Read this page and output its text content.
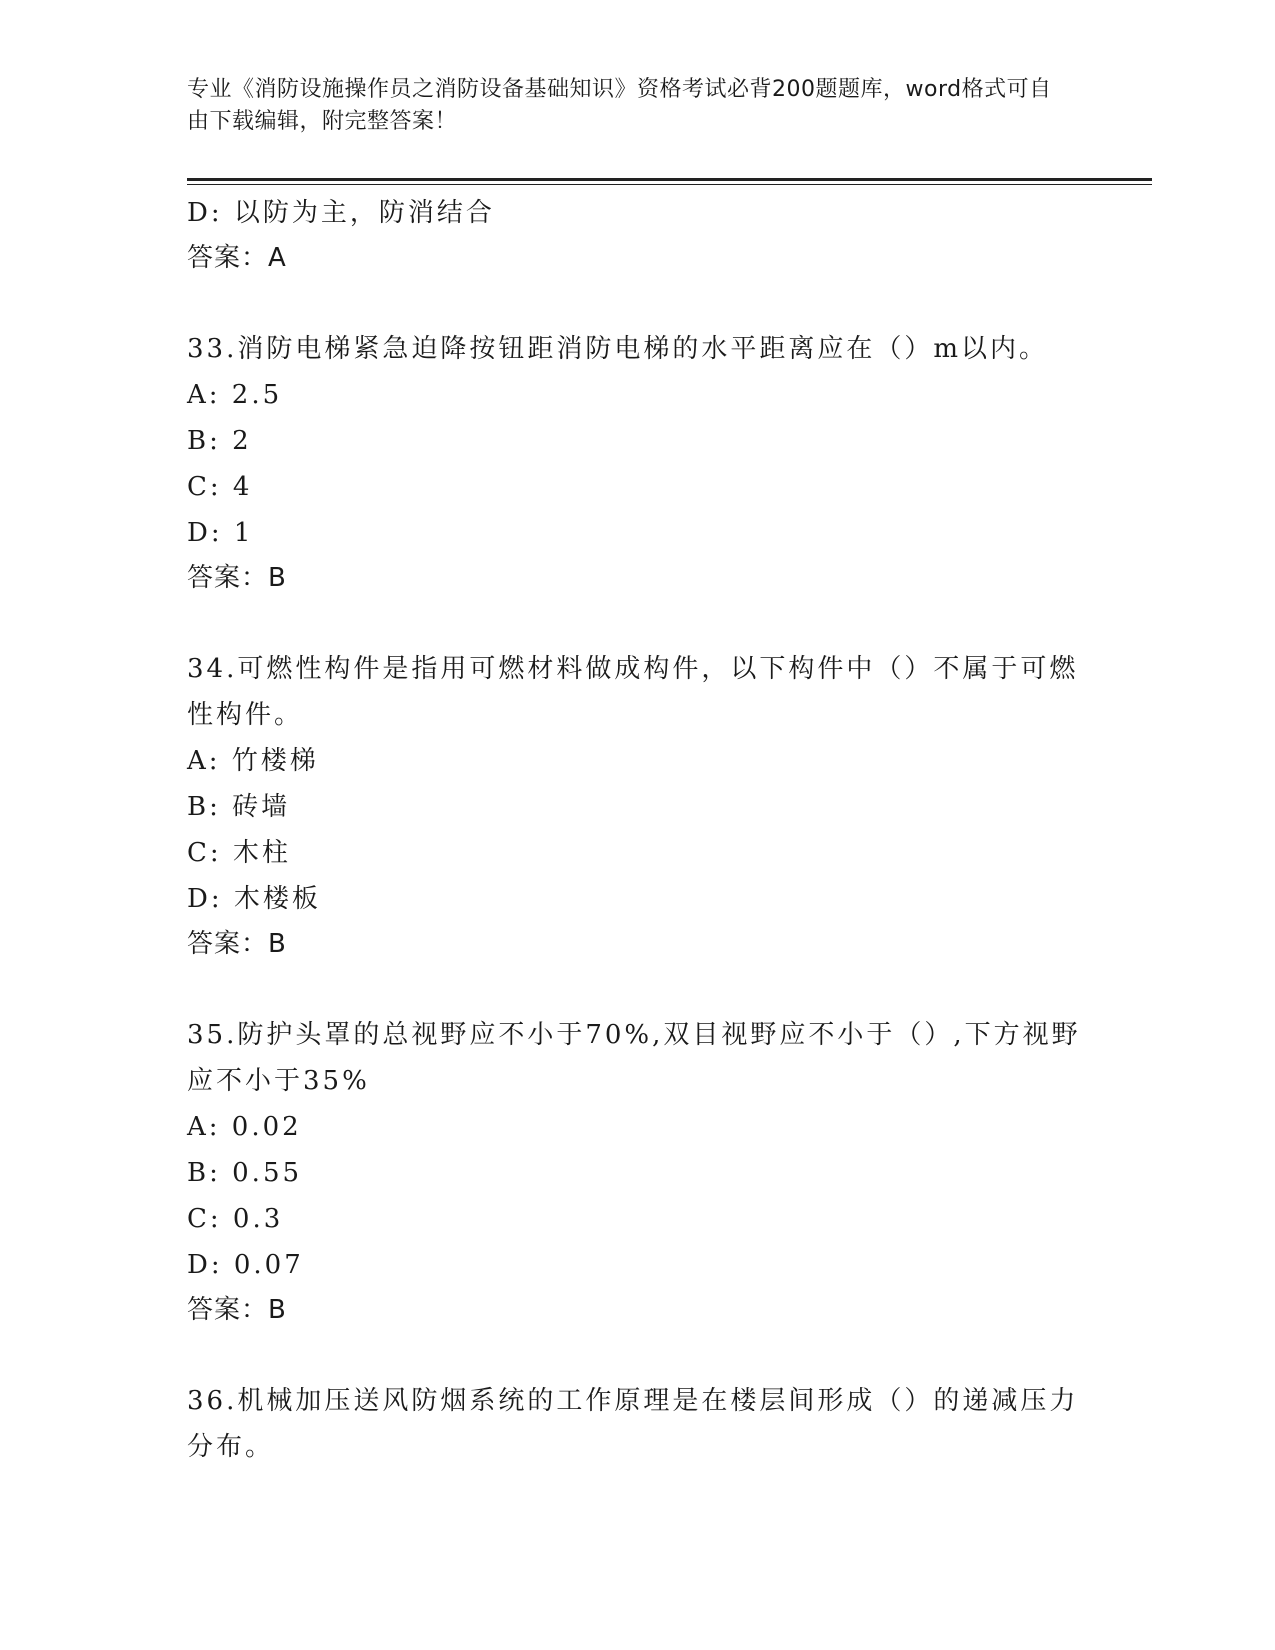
专业《消防设施操作员之消防设备基础知识》资格考试必背200题题库，word格式可自由下载编辑，附完整答案！
D: 以防为主，防消结合
答案：A
33.消防电梯紧急迫降按钮距消防电梯的水平距离应在（）m以内。
A: 2.5
B: 2
C: 4
D: 1
答案：B
34.可燃性构件是指用可燃材料做成构件，以下构件中（）不属于可燃性构件。
A: 竹楼梯
B: 砖墙
C: 木柱
D: 木楼板
答案：B
35.防护头罩的总视野应不小于70%,双目视野应不小于（）,下方视野应不小于35%
A: 0.02
B: 0.55
C: 0.3
D: 0.07
答案：B
36.机械加压送风防烟系统的工作原理是在楼层间形成（）的递减压力分布。
